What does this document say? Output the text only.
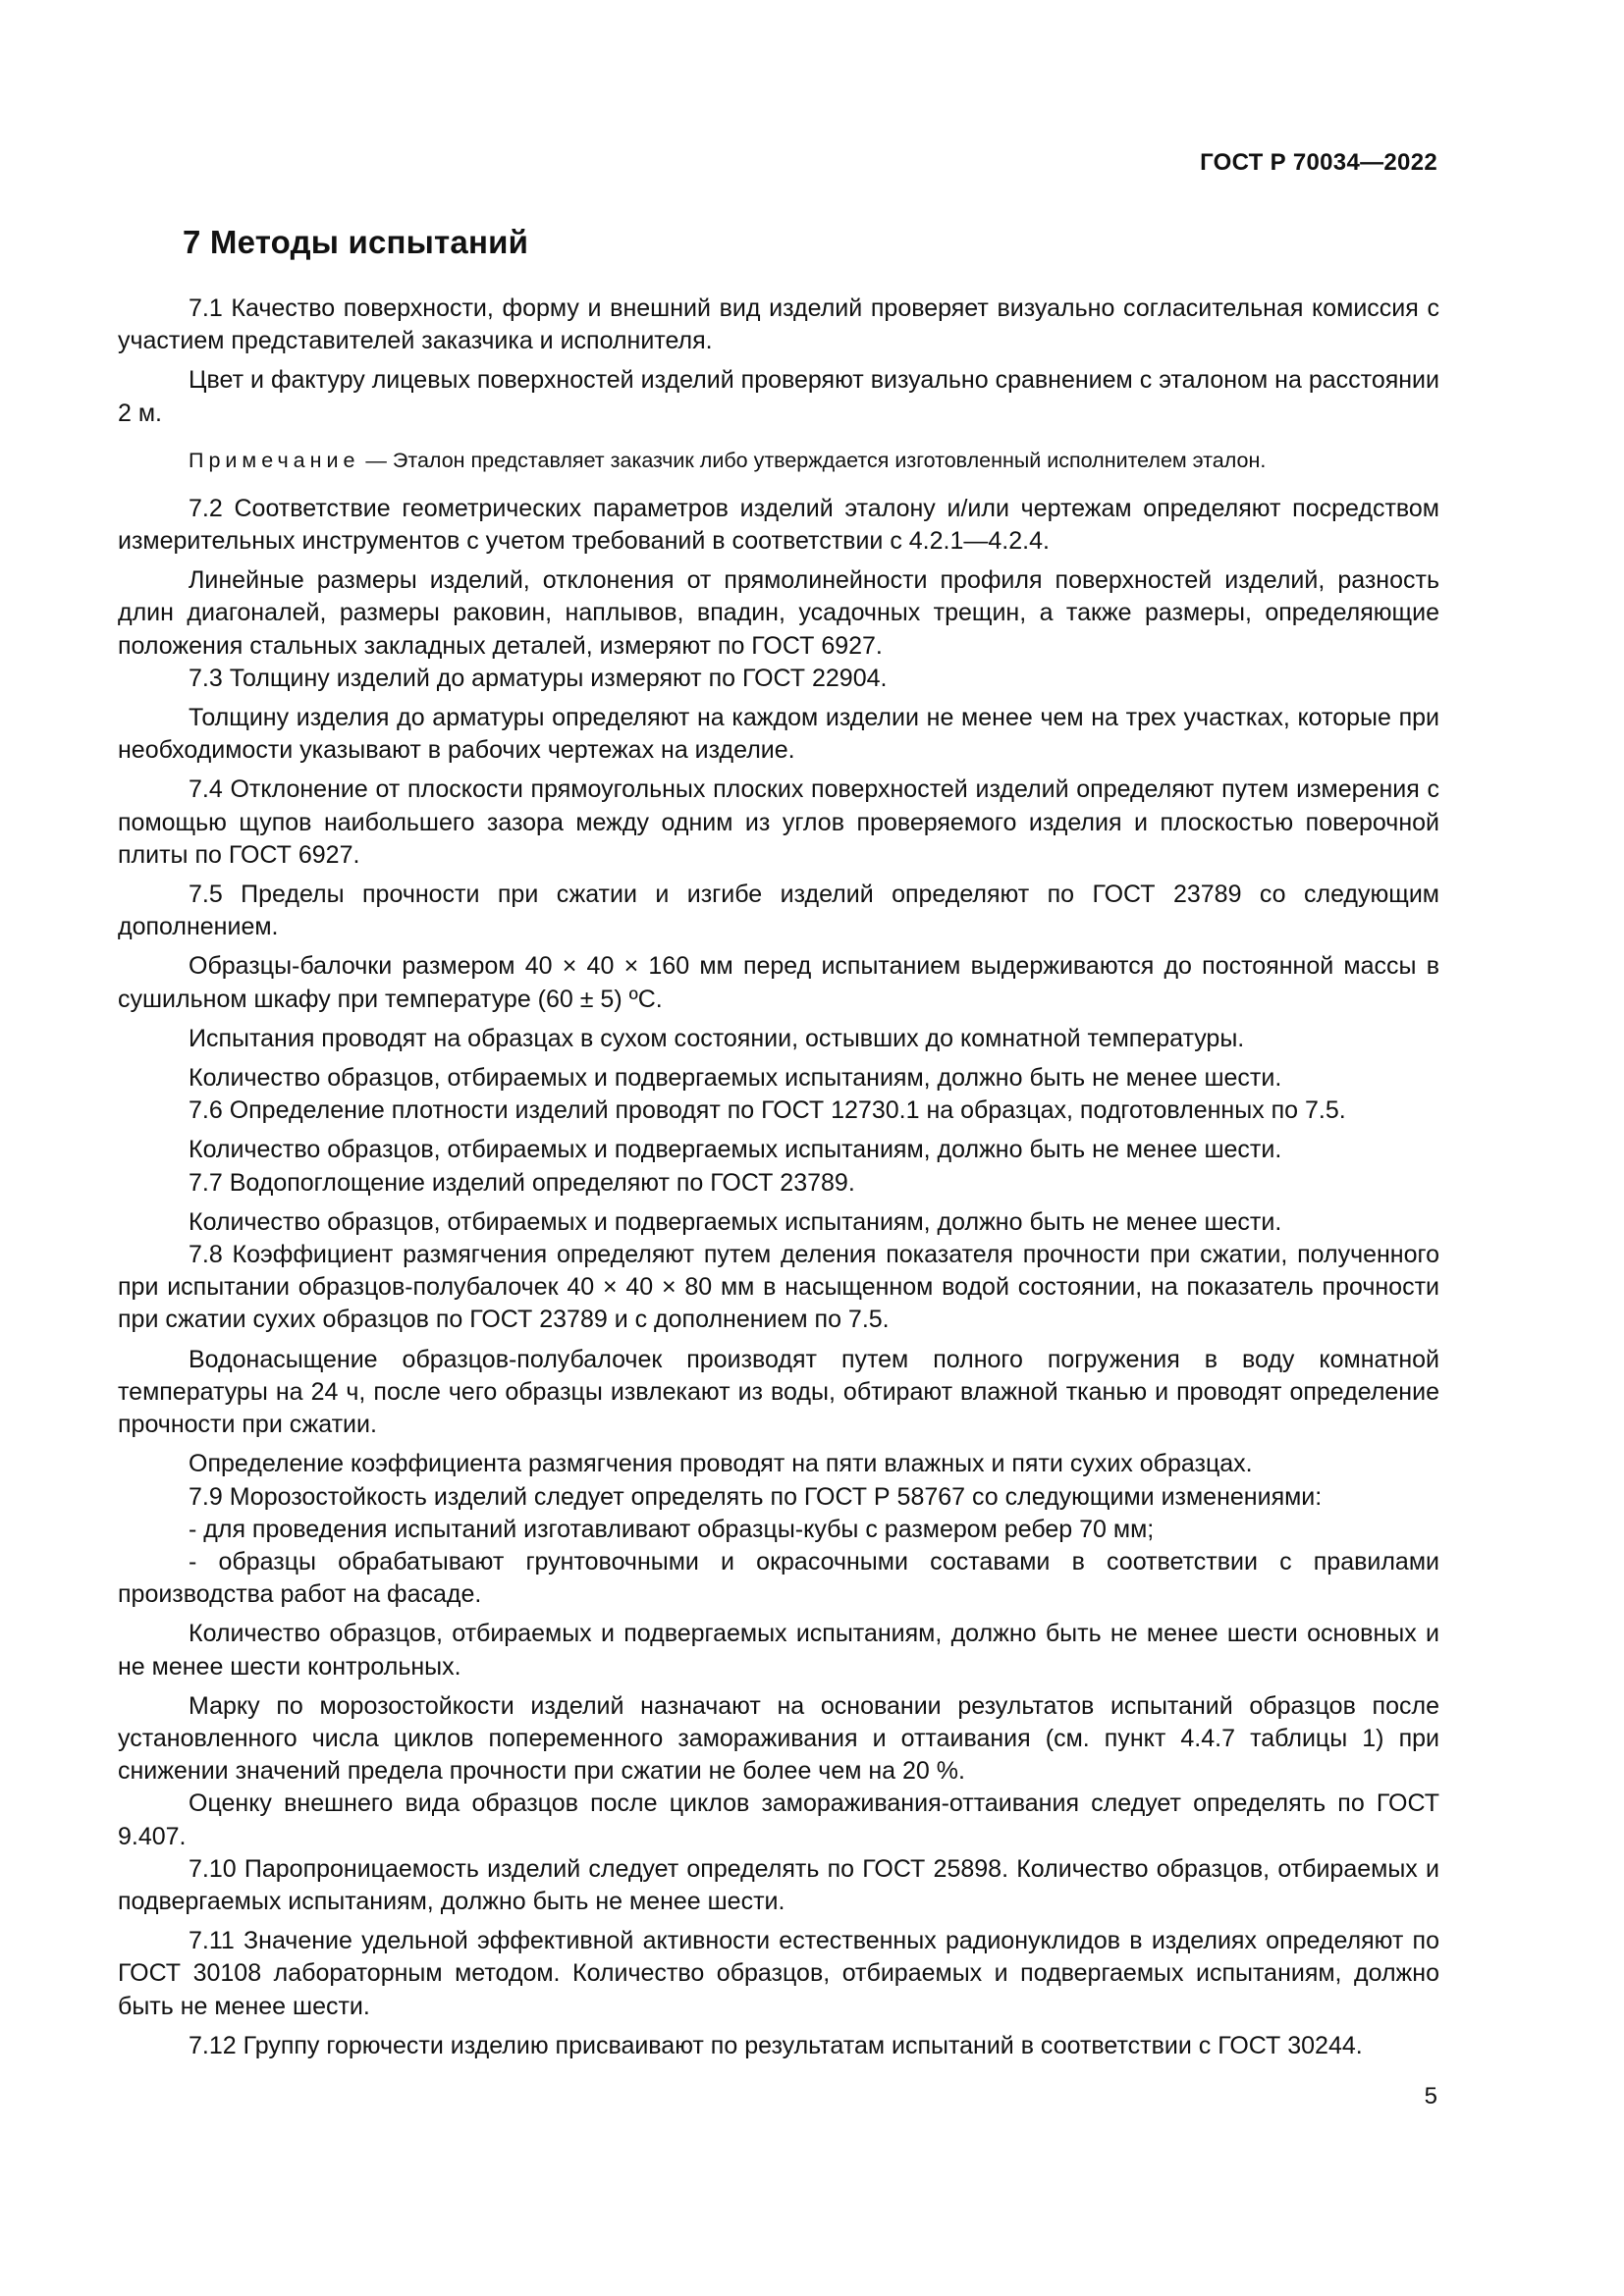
ГОСТ Р 70034—2022
7 Методы испытаний

7.1 Качество поверхности, форму и внешний вид изделий проверяет визуально согласительная комиссия с участием представителей заказчика и исполнителя.

Цвет и фактуру лицевых поверхностей изделий проверяют визуально сравнением с эталоном на расстоянии 2 м.

Примечание — Эталон представляет заказчик либо утверждается изготовленный исполнителем эталон.

7.2 Соответствие геометрических параметров изделий эталону и/или чертежам определяют посредством измерительных инструментов с учетом требований в соответствии с 4.2.1—4.2.4.

Линейные размеры изделий, отклонения от прямолинейности профиля поверхностей изделий, разность длин диагоналей, размеры раковин, наплывов, впадин, усадочных трещин, а также размеры, определяющие положения стальных закладных деталей, измеряют по ГОСТ 6927.

7.3 Толщину изделий до арматуры измеряют по ГОСТ 22904.

Толщину изделия до арматуры определяют на каждом изделии не менее чем на трех участках, которые при необходимости указывают в рабочих чертежах на изделие.

7.4 Отклонение от плоскости прямоугольных плоских поверхностей изделий определяют путем измерения с помощью щупов наибольшего зазора между одним из углов проверяемого изделия и плоскостью поверочной плиты по ГОСТ 6927.

7.5 Пределы прочности при сжатии и изгибе изделий определяют по ГОСТ 23789 со следующим дополнением.

Образцы-балочки размером 40 × 40 × 160 мм перед испытанием выдерживаются до постоянной массы в сушильном шкафу при температуре (60 ± 5) ºС.

Испытания проводят на образцах в сухом состоянии, остывших до комнатной температуры.

Количество образцов, отбираемых и подвергаемых испытаниям, должно быть не менее шести.

7.6 Определение плотности изделий проводят по ГОСТ 12730.1 на образцах, подготовленных по 7.5.

Количество образцов, отбираемых и подвергаемых испытаниям, должно быть не менее шести.

7.7 Водопоглощение изделий определяют по ГОСТ 23789.

Количество образцов, отбираемых и подвергаемых испытаниям, должно быть не менее шести.

7.8 Коэффициент размягчения определяют путем деления показателя прочности при сжатии, полученного при испытании образцов-полубалочек 40 × 40 × 80 мм в насыщенном водой состоянии, на показатель прочности при сжатии сухих образцов по ГОСТ 23789 и с дополнением по 7.5.

Водонасыщение образцов-полубалочек производят путем полного погружения в воду комнатной температуры на 24 ч, после чего образцы извлекают из воды, обтирают влажной тканью и проводят определение прочности при сжатии.

Определение коэффициента размягчения проводят на пяти влажных и пяти сухих образцах.

7.9 Морозостойкость изделий следует определять по ГОСТ Р 58767 со следующими изменениями:

- для проведения испытаний изготавливают образцы-кубы с размером ребер 70 мм;

- образцы обрабатывают грунтовочными и окрасочными составами в соответствии с правилами производства работ на фасаде.

Количество образцов, отбираемых и подвергаемых испытаниям, должно быть не менее шести основных и не менее шести контрольных.

Марку по морозостойкости изделий назначают на основании результатов испытаний образцов после установленного числа циклов попеременного замораживания и оттаивания (см. пункт 4.4.7 таблицы 1) при снижении значений предела прочности при сжатии не более чем на 20 %.

Оценку внешнего вида образцов после циклов замораживания-оттаивания следует определять по ГОСТ 9.407.

7.10 Паропроницаемость изделий следует определять по ГОСТ 25898. Количество образцов, отбираемых и подвергаемых испытаниям, должно быть не менее шести.

7.11 Значение удельной эффективной активности естественных радионуклидов в изделиях определяют по ГОСТ 30108 лабораторным методом. Количество образцов, отбираемых и подвергаемых испытаниям, должно быть не менее шести.

7.12 Группу горючести изделию присваивают по результатам испытаний в соответствии с ГОСТ 30244.

5
